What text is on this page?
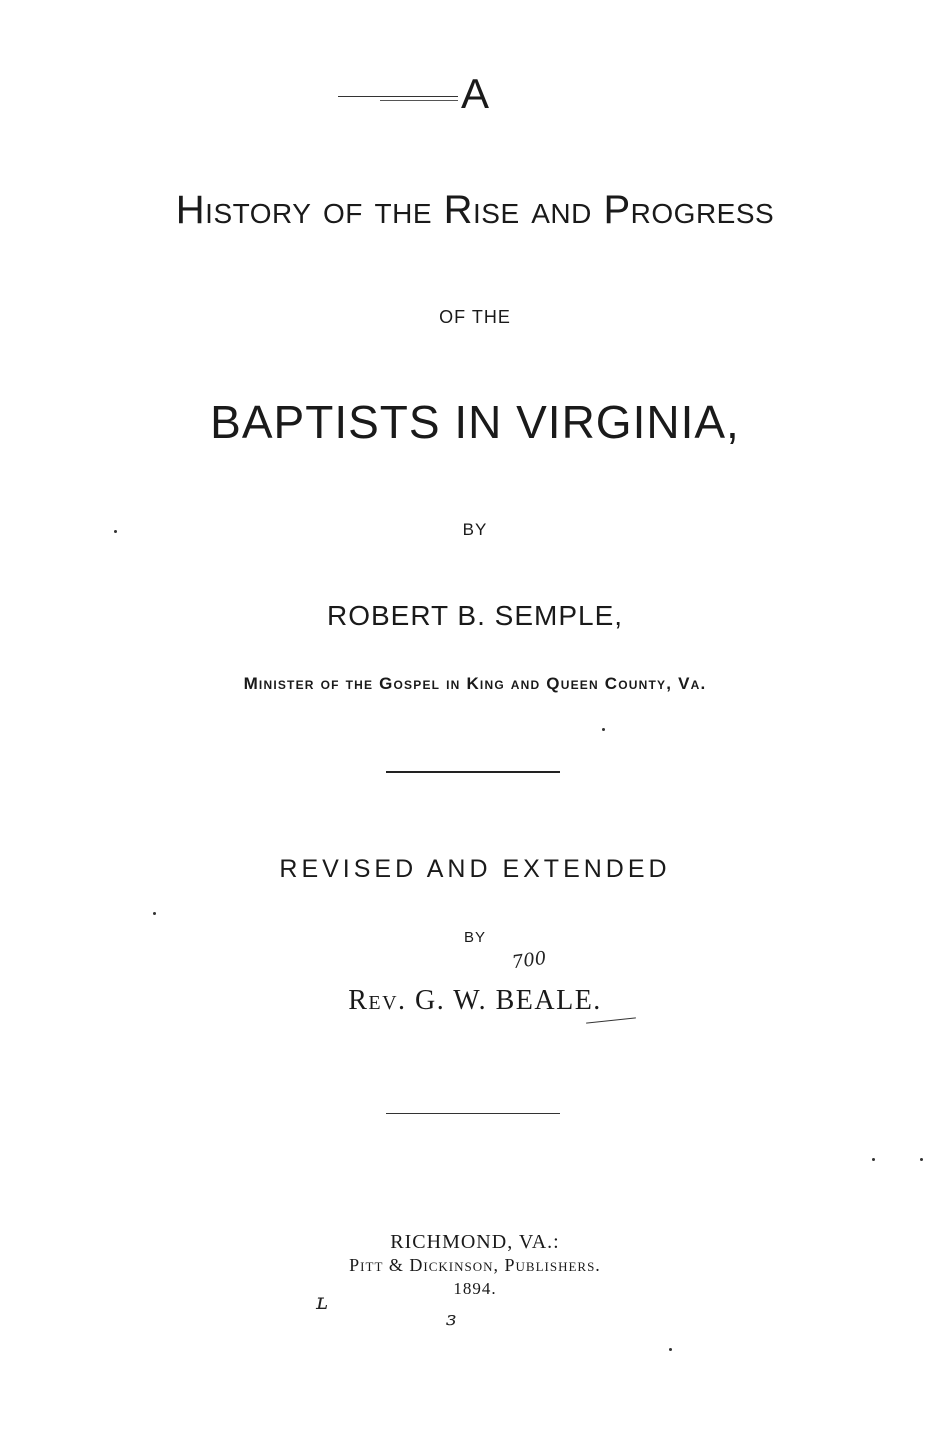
A
History of the Rise and Progress
OF THE
BAPTISTS IN VIRGINIA,
BY
ROBERT B. SEMPLE,
Minister of the Gospel in King and Queen County, Va.
REVISED AND EXTENDED
BY
700
Rev. G. W. BEALE.
RICHMOND, VA.:
Pitt & Dickinson, Publishers.
1894.
ʟ
ɜ
